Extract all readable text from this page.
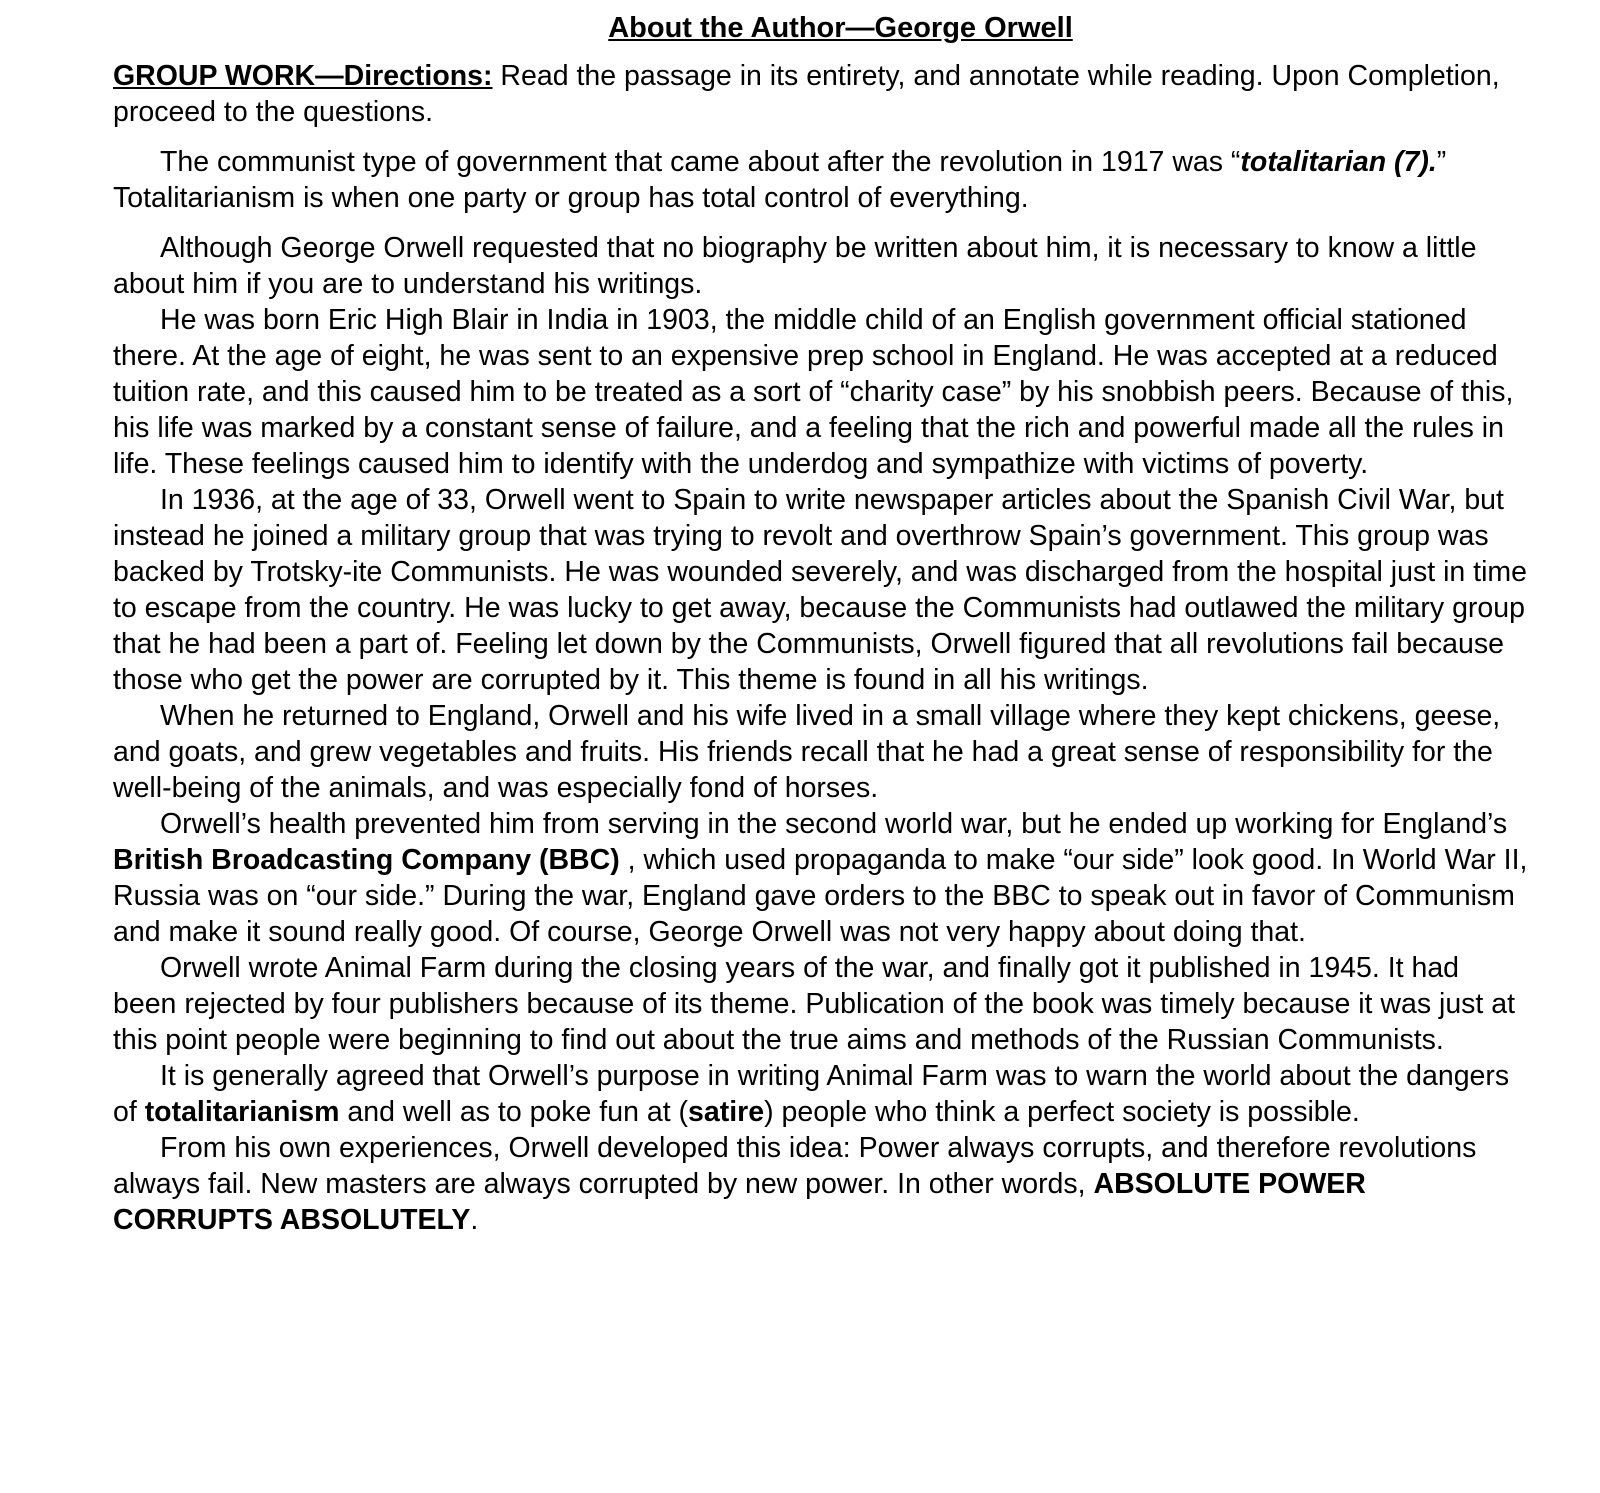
About the Author—George Orwell

GROUP WORK—Directions: Read the passage in its entirety, and annotate while reading. Upon Completion, proceed to the questions.

The communist type of government that came about after the revolution in 1917 was “totalitarian (7).” Totalitarianism is when one party or group has total control of everything.

Although George Orwell requested that no biography be written about him, it is necessary to know a little about him if you are to understand his writings.

He was born Eric High Blair in India in 1903, the middle child of an English government official stationed there. At the age of eight, he was sent to an expensive prep school in England. He was accepted at a reduced tuition rate, and this caused him to be treated as a sort of “charity case” by his snobbish peers. Because of this, his life was marked by a constant sense of failure, and a feeling that the rich and powerful made all the rules in life. These feelings caused him to identify with the underdog and sympathize with victims of poverty.

In 1936, at the age of 33, Orwell went to Spain to write newspaper articles about the Spanish Civil War, but instead he joined a military group that was trying to revolt and overthrow Spain’s government. This group was backed by Trotsky-ite Communists. He was wounded severely, and was discharged from the hospital just in time to escape from the country. He was lucky to get away, because the Communists had outlawed the military group that he had been a part of. Feeling let down by the Communists, Orwell figured that all revolutions fail because those who get the power are corrupted by it. This theme is found in all his writings.

When he returned to England, Orwell and his wife lived in a small village where they kept chickens, geese, and goats, and grew vegetables and fruits. His friends recall that he had a great sense of responsibility for the well-being of the animals, and was especially fond of horses.

Orwell’s health prevented him from serving in the second world war, but he ended up working for England’s British Broadcasting Company (BBC) , which used propaganda to make “our side” look good. In World War II, Russia was on “our side.” During the war, England gave orders to the BBC to speak out in favor of Communism and make it sound really good. Of course, George Orwell was not very happy about doing that.

Orwell wrote Animal Farm during the closing years of the war, and finally got it published in 1945. It had been rejected by four publishers because of its theme. Publication of the book was timely because it was just at this point people were beginning to find out about the true aims and methods of the Russian Communists.

It is generally agreed that Orwell’s purpose in writing Animal Farm was to warn the world about the dangers of totalitarianism and well as to poke fun at (satire) people who think a perfect society is possible.

From his own experiences, Orwell developed this idea: Power always corrupts, and therefore revolutions always fail. New masters are always corrupted by new power. In other words, ABSOLUTE POWER CORRUPTS ABSOLUTELY.
